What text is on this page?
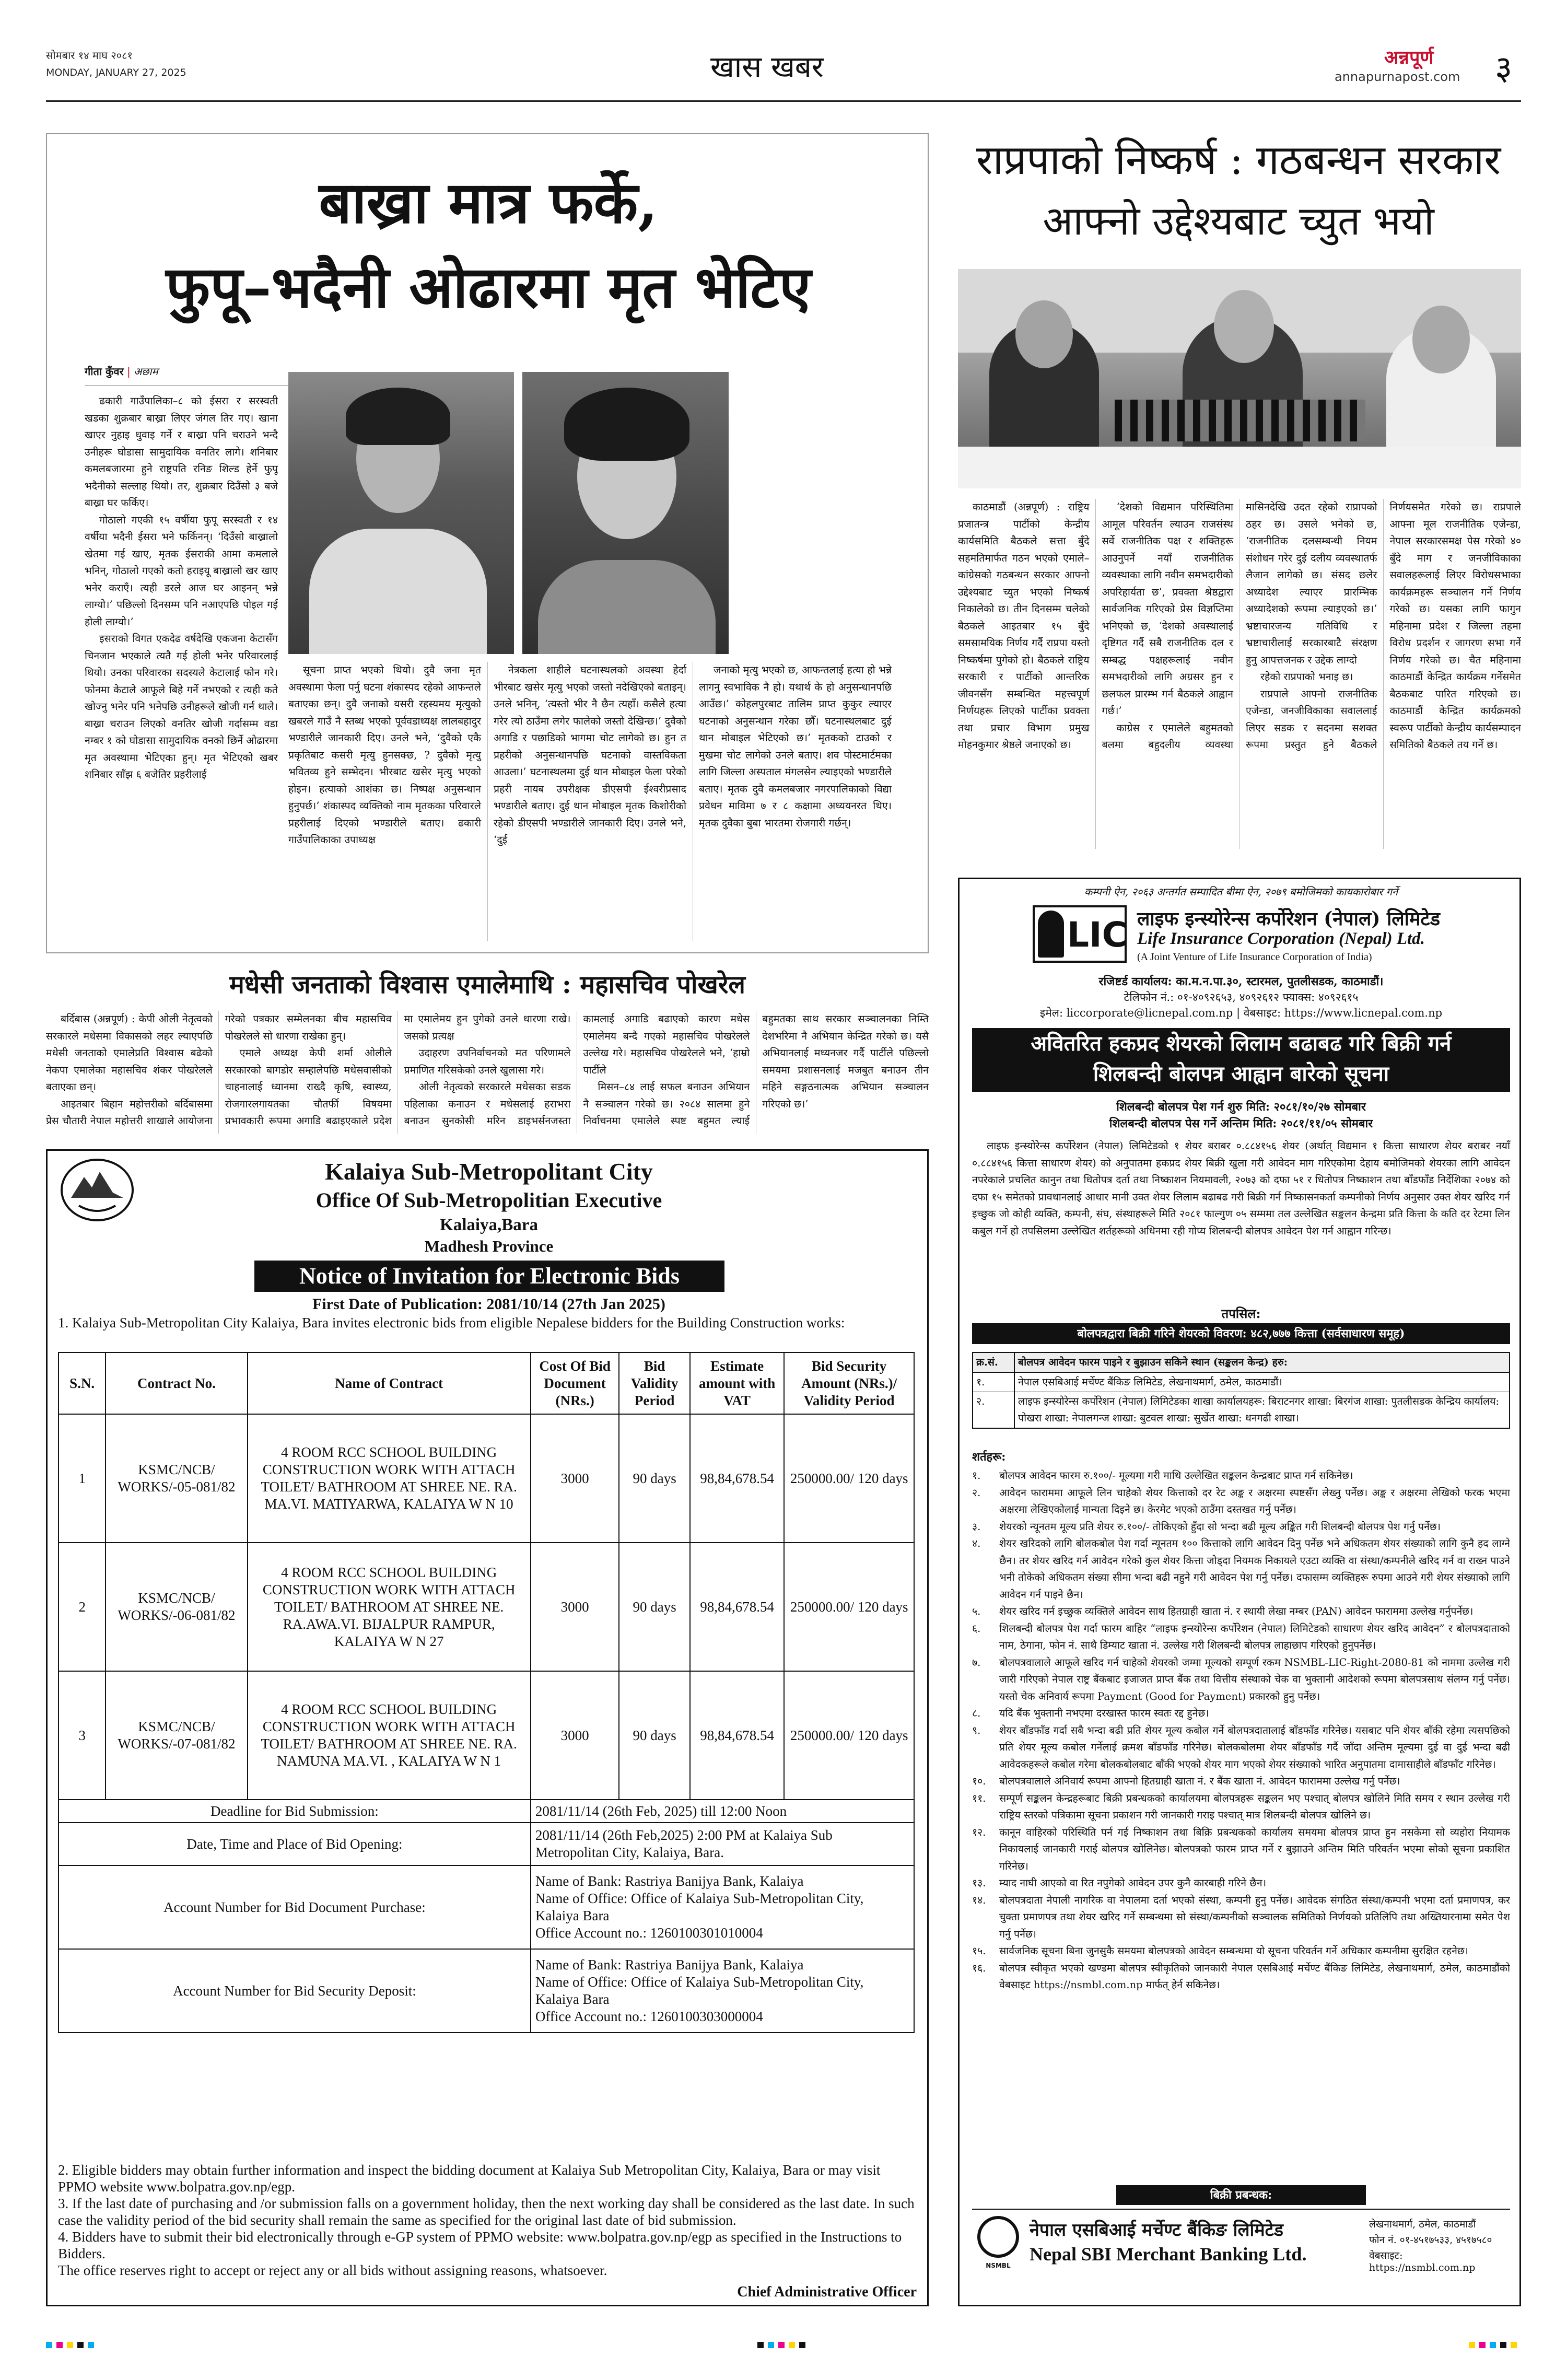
सोमबार १४ माघ २०८१
MONDAY, JANUARY 27, 2025	खास खबर	अन्नपूर्ण
annapurnapost.com ३
बाख्रा मात्र फर्के,
फुपू–भदैनी ओढारमा मृत भेटिए
गीता कुँवर | अछाम

ढकारी गाउँपालिका–८ को ईसरा र सरस्वती खडका शुक्रबार बाख्रा लिएर जंगल तिर गए। खाना खाएर नुहाइ धुवाइ गर्ने र बाख्रा पनि चराउने भन्दै उनीहरू घोडासा सामुदायिक वनतिर लागे। शनिबार कमलबजारमा हुने राष्ट्रपति रनिङ शिल्ड हेर्ने फुपू भदैनीको सल्लाह थियो। तर, शुक्रबार दिउँसो ३ बजे बाख्रा घर फर्किए।

गोठालो गएकी १५ वर्षीया फुपू सरस्वती र १४ वर्षीया भदैनी ईसरा भने फर्किनन्। ‘दिउँसो बाख्रालो खेतमा गई खाए, मृतक ईसराकी आमा कमलाले भनिन्, गोठालो गएको कतो हराइयू बाख्रालो खर खाए भनेर कराएँ। त्यही डरले आज घर आइनन् भन्ने लाग्यो।’ पछिल्लो दिनसम्म पनि नआएपछि पोइल गई होली लाग्यो।’

इसराको विगत एकदेढ वर्षदेखि एकजना केटासँग चिनजान भएकाले त्यतै गई होली भनेर परिवारलाई थियो। उनका परिवारका सदस्यले केटालाई फोन गरे। फोनमा केटाले आफूले बिहे गर्ने नभएको र त्यही कते खोज्नु भनेर पनि भनेपछि उनीहरूले खोजी गर्न थाले। बाख्रा चराउन लिएको वनतिर खोजी गर्दासम्म वडा नम्बर १ को घोडासा सामुदायिक वनको छिर्ने ओढारमा मृत अवस्थामा भेटिएका हुन्। मृत भेटिएको खबर शनिबार साँझ ६ बजेतिर प्रहरीलाई

सूचना प्राप्त भएको थियो। दुवै जना मृत अवस्थामा फेला पर्नु घटना शंकास्पद रहेको आफन्तले बताएका छन्। दुवै जनाको यसरी रहस्यमय मृत्युको खबरले गाउँ नै स्तब्ध भएको पूर्ववडाध्यक्ष लालबहादुर भण्डारीले जानकारी दिए। उनले भने, ‘दुवैको एकै प्रकृतिबाट कसरी मृत्यु हुनसक्छ, ? दुवैको मृत्यु भवितव्य हुने सम्भेदन। भीरबाट खसेर मृत्यु भएको होइन। हत्याको आशंका छ। निष्पक्ष अनुसन्धान हुनुपर्छ।’ शंकास्पद व्यक्तिको नाम मृतकका परिवारले प्रहरीलाई दिएको भण्डारीले बताए। ढकारी गाउँपालिकाका उपाध्यक्ष

नेत्रकला शाहीले घटनास्थलको अवस्था हेर्दा भीरबाट खसेर मृत्यु भएको जस्तो नदेखिएको बताइन्। उनले भनिन्, ‘त्यस्तो भीर नै छैन त्यहाँ। कसैले हत्या गरेर त्यो ठाउँमा लगेर फालेको जस्तो देखिन्छ।’ दुवैको अगाडि र पछाडिको भागमा चोट लागेको छ। हुन त प्रहरीको अनुसन्धानपछि घटनाको वास्तविकता आउला।’ घटनास्थलमा दुई थान मोबाइल फेला परेको प्रहरी नायब उपरीक्षक डीएसपी ईश्वरीप्रसाद भण्डारीले बताए। दुई थान मोबाइल मृतक किशोरीको रहेको डीएसपी भण्डारीले जानकारी दिए। उनले भने, ‘दुई

जनाको मृत्यु भएको छ, आफन्तलाई हत्या हो भन्ने लागनु स्वभाविक नै हो। यथार्थ के हो अनुसन्धानपछि आउँछ।’ कोहलपुरबाट तालिम प्राप्त कुकुर ल्याएर घटनाको अनुसन्धान गरेका छौँ। घटनास्थलबाट दुई थान मोबाइल भेटिएको छ।’ मृतकको टाउको र मुखमा चोट लागेको उनले बताए। शव पोस्टमार्टमका लागि जिल्ला अस्पताल मंगलसेन ल्याइएको भण्डारीले बताए। मृतक दुवै कमलबजार नगरपालिकाको विद्या प्रवेधन माविमा ७ र ८ कक्षामा अध्ययनरत थिए। मृतक दुवैका बुबा भारतमा रोजगारी गर्छन्।

राप्रपाको निष्कर्ष : गठबन्धन सरकार
आफ्नो उद्देश्यबाट च्युत भयो

काठमाडौं (अन्नपूर्ण) : राष्ट्रिय प्रजातन्त्र पार्टीको केन्द्रीय कार्यसमिति बैठकले सत्ता बुँदे सहमतिमार्फत गठन भएको एमाले–कांग्रेसको गठबन्धन सरकार आफ्नो उद्देश्यबाट च्युत भएको निष्कर्ष निकालेको छ। तीन दिनसम्म चलेको बैठकले आइतबार १५ बुँदे समसामयिक निर्णय गर्दै राप्रपा यस्तो निष्कर्षमा पुगेको हो। बैठकले राष्ट्रिय सरकारी र पार्टीको आन्तरिक जीवनसँग सम्बन्धित महत्त्वपूर्ण निर्णयहरू लिएको पार्टीका प्रवक्ता तथा प्रचार विभाग प्रमुख मोहनकुमार श्रेष्ठले जनाएको छ।

‘देशको विद्यमान परिस्थितिमा आमूल परिवर्तन ल्याउन राजसंस्थ सर्वे राजनीतिक पक्ष र शक्तिहरू आउनुपर्ने नयाँ राजनीतिक व्यवस्थाका लागि नवीन समभदारीको अपरिहार्यता छ’, प्रवक्ता श्रेष्ठद्वारा सार्वजनिक गरिएको प्रेस विज्ञप्तिमा भनिएको छ, ‘देशको अवस्थालाई दृष्टिगत गर्दै सबै राजनीतिक दल र सम्बद्ध पक्षहरूलाई नवीन समभदारीको लागि अग्रसर हुन र छलफल प्रारम्भ गर्न बैठकले आह्वान गर्छ।’

काग्रेस र एमालेले बहुमतको बलमा बहुदलीय व्यवस्था मासिनदेखि उदत रहेको राप्रापको ठहर छ। उसले भनेको छ, ‘राजनीतिक दलसम्बन्धी नियम संशोधन गरेर दुई दलीय व्यवस्थातर्फ लैजान लागेको छ। संसद छलेर अध्यादेश ल्याएर प्रारम्भिक अध्यादेशको रूपमा ल्याइएको छ।’ भ्रष्टाचारजन्य गतिविधि र भ्रष्टाचारीलाई सरकारबाटै संरक्षण हुनु आपत्तजनक र उद्देक लाग्दो

रहेको राप्रपाको भनाइ छ।

राप्रपाले आफ्नो राजनीतिक एजेन्डा, जनजीविकाका सवाललाई लिएर सडक र सदनमा सशक्त रूपमा प्रस्तुत हुने बैठकले निर्णयसमेत गरेको छ। राप्रपाले आफ्ना मूल राजनीतिक एजेन्डा, नेपाल सरकारसमक्ष पेस गरेको ४० बुँदे माग र जनजीविकाका सवालहरूलाई लिएर विरोधसभाका कार्यक्रमहरू सञ्चालन गर्ने निर्णय गरेको छ। यसका लागि फागुन महिनामा प्रदेश र जिल्ला तहमा विरोध प्रदर्शन र जागरण सभा गर्ने निर्णय गरेको छ। चैत महिनामा काठमाडौं केन्द्रित कार्यक्रम गर्नेसमेत बैठकबाट पारित गरिएको छ। काठमाडौं केन्द्रित कार्यक्रमको स्वरूप पार्टीको केन्द्रीय कार्यसम्पादन समितिको बैठकले तय गर्ने छ।

मधेसी जनताको विश्वास एमालेमाथि : महासचिव पोखरेल

बर्दिबास (अन्नपूर्ण) : केपी ओली नेतृत्वको सरकारले मधेसमा विकासको लहर ल्याएपछि मधेसी जनताको एमालेप्रति विश्वास बढेको नेकपा एमालेका महासचिव शंकर पोखरेलले बताएका छन्।

आइतबार बिहान महोत्तरीको बर्दिबासमा प्रेस चौतारी नेपाल महोत्तरी शाखाले आयोजना गरेको पत्रकार सम्मेलनका बीच महासचिव पोखरेलले सो धारणा राखेका हुन्।

एमाले अध्यक्ष केपी शर्मा ओलीले सरकारको बागडोर सम्हालेपछि मधेसवासीको चाहनालाई ध्यानमा राख्दै कृषि, स्वास्थ्य, रोजगारलगायतका चौतर्फी विषयमा प्रभावकारी रूपमा अगाडि बढाइएकाले प्रदेश मा एमालेमय हुन पुगेको उनले धारणा राखे। जसको प्रत्यक्ष

उदाहरण उपनिर्वाचनको मत परिणामले प्रमाणित गरिसकेको उनले खुलासा गरे।

ओली नेतृत्वको सरकारले मधेसका सडक पहिलाका कनाउन र मधेसलाई हराभरा बनाउन सुनकोसी मरिन डाइभर्सनजस्ता कामलाई अगाडि बढाएको कारण मधेस एमालेमय बन्दै गएको महासचिव पोखरेलले उल्लेख गरे। महासचिव पोखरेलले भने, ‘हाम्रो पार्टीले

मिसन–८४ लाई सफल बनाउन अभियान नै सञ्चालन गरेको छ। २०८४ सालमा हुने निर्वाचनमा एमालेले स्पष्ट बहुमत ल्याई बहुमतका साथ सरकार सञ्चालनका निम्ति देशभरिमा नै अभियान केन्द्रित गरेको छ। यसै अभियानलाई मध्यनजर गर्दै पार्टीले पछिल्लो समयमा प्रशासनलाई मजबुत बनाउन तीन महिने सङ्गठनात्मक अभियान सञ्चालन गरिएको छ।’

Kalaiya Sub-Metropolitant City
Office Of Sub-Metropolitian Executive
Kalaiya,Bara
Madhesh Province
Notice of Invitation for Electronic Bids
First Date of Publication: 2081/10/14 (27th Jan 2025)
1. Kalaiya Sub-Metropolitan City Kalaiya, Bara invites electronic bids from eligible Nepalese bidders for the Building Construction works:
S.N.	Contract No.	Name of Contract	Cost Of Bid Document (NRs.)	Bid Validity Period	Estimate amount with VAT	Bid Security Amount (NRs.)/ Validity Period
1	KSMC/NCB/ WORKS/-05-081/82	4 ROOM RCC SCHOOL BUILDING CONSTRUCTION WORK WITH ATTACH TOILET/ BATHROOM AT SHREE NE. RA. MA.VI. MATIYARWA, KALAIYA W N 10	3000	90 days	98,84,678.54	250000.00/ 120 days
2	KSMC/NCB/ WORKS/-06-081/82	4 ROOM RCC SCHOOL BUILDING CONSTRUCTION WORK WITH ATTACH TOILET/ BATHROOM AT SHREE NE. RA.AWA.VI. BIJALPUR RAMPUR, KALAIYA W N 27	3000	90 days	98,84,678.54	250000.00/ 120 days
3	KSMC/NCB/ WORKS/-07-081/82	4 ROOM RCC SCHOOL BUILDING CONSTRUCTION WORK WITH ATTACH TOILET/ BATHROOM AT SHREE NE. RA. NAMUNA MA.VI. , KALAIYA W N 1	3000	90 days	98,84,678.54	250000.00/ 120 days
Deadline for Bid Submission:			2081/11/14 (26th Feb, 2025) till 12:00 Noon			
Date, Time and Place of Bid Opening:			2081/11/14 (26th Feb,2025) 2:00 PM at Kalaiya Sub Metropolitan City, Kalaiya, Bara.			
Account Number for Bid Document Purchase:			Name of Bank: Rastriya Banijya Bank, Kalaiya
Name of Office: Office of Kalaiya Sub-Metropolitan City, Kalaiya Bara
Office Account no.: 1260100301010004			
Account Number for Bid Security Deposit:			Name of Bank: Rastriya Banijya Bank, Kalaiya
Name of Office: Office of Kalaiya Sub-Metropolitan City, Kalaiya Bara
Office Account no.: 1260100303000004			
2. Eligible bidders may obtain further information and inspect the bidding document at Kalaiya Sub Metropolitan City, Kalaiya, Bara or may visit PPMO website www.bolpatra.gov.np/egp.
3. If the last date of purchasing and /or submission falls on a government holiday, then the next working day shall be considered as the last date. In such case the validity period of the bid security shall remain the same as specified for the original last date of bid submission.
4. Bidders have to submit their bid electronically through e-GP system of PPMO website: www.bolpatra.gov.np/egp as specified in the Instructions to Bidders.
The office reserves right to accept or reject any or all bids without assigning reasons, whatsoever.
Chief Administrative Officer
कम्पनी ऐन, २०६३ अन्तर्गत सम्पादित बीमा ऐन, २०७९ बमोजिमको कायकारोबार गर्ने
LIC लाइफ इन्स्योरेन्स कर्पोरेशन (नेपाल) लिमिटेड
Life Insurance Corporation (Nepal) Ltd.
(A Joint Venture of Life Insurance Corporation of India)
रजिष्टर्ड कार्यालय: का.म.न.पा.३०, स्टारमल, पुतलीसडक, काठमाडौं।
टेलिफोन नं.: ०१-४०९२६५३, ४०९२६१२ फ्याक्स: ४०९२६१५
इमेल: liccorporate@licnepal.com.np | वेबसाइट: https://www.licnepal.com.np
अवितरित हकप्रद शेयरको लिलाम बढाबढ गरि बिक्री गर्न
शिलबन्दी बोलपत्र आह्वान बारेको सूचना
शिलबन्दी बोलपत्र पेश गर्न शुरु मिति: २०८१/१०/२७ सोमबार
शिलबन्दी बोलपत्र पेस गर्ने अन्तिम मिति: २०८१/११/०५ सोमबार
लाइफ इन्स्योरेन्स कर्पोरेशन (नेपाल) लिमिटेडको १ शेयर बराबर ०.८८४१५६ शेयर (अर्थात् विद्यमान १ कित्ता साधारण शेयर बराबर नयाँ ०.८८४१५६ कित्ता साधारण शेयर) को अनुपातमा हकप्रद शेयर बिक्री खुला गरी आवेदन माग गरिएकोमा देहाय बमोजिमको शेयरका लागि आवेदन नपरेकाले प्रचलित कानुन तथा धितोपत्र दर्ता तथा निष्काशन नियमावली, २०७३ को दफा ५१ र धितोपत्र निष्काशन तथा बाँडफाँड निर्देशिका २०७४ को दफा १५ समेतको प्रावधानलाई आधार मानी उक्त शेयर लिलाम बढाबढ गरी बिक्री गर्न निष्कासनकर्ता कम्पनीको निर्णय अनुसार उक्त शेयर खरिद गर्न इच्छुक जो कोही व्यक्ति, कम्पनी, संघ, संस्थाहरूले मिति २०८१ फाल्गुण ०५ सम्ममा तल उल्लेखित सङ्कलन केन्द्रमा प्रति कित्ता के कति दर रेटमा लिन कबुल गर्ने हो तपसिलमा उल्लेखित शर्तहरूको अधिनमा रही गोप्य शिलबन्दी बोलपत्र आवेदन पेश गर्न आह्वान गरिन्छ।
तपसिल:
बोलपत्रद्वारा बिक्री गरिने शेयरको विवरण: ४८२,७७७ कित्ता (सर्वसाधारण समूह)
क्र.सं.	बोलपत्र आवेदन फारम पाइने र बुझाउन सकिने स्थान (सङ्कलन केन्द्र) हरु:
१.	नेपाल एसबिआई मर्चेण्ट बैंकिङ लिमिटेड, लेखनाथमार्ग, ठमेल, काठमाडौं।
२.	लाइफ इन्स्योरेन्स कर्पोरेशन (नेपाल) लिमिटेडका शाखा कार्यालयहरू: बिराटनगर शाखा: बिरगंज शाखा: पुतलीसडक केन्द्रिय कार्यालय: पोखरा शाखा: नेपालगन्ज शाखा: बुटवल शाखा: सुर्खेत शाखा: धनगढी शाखा।
शर्तहरू:
१.	बोलपत्र आवेदन फारम रु.१००/- मूल्यमा गरी माथि उल्लेखित सङ्कलन केन्द्रबाट प्राप्त गर्न सकिनेछ।
२.	आवेदन फाराममा आफूले लिन चाहेको शेयर कित्ताको दर रेट अङ्क र अक्षरमा स्पष्टसँग लेख्नु पर्नेछ। अङ्क र अक्षरमा लेखिको फरक भएमा अक्षरमा लेखिएकोलाई मान्यता दिइने छ। केरमेट भएको ठाउँमा दस्तखत गर्नु पर्नेछ।
३.	शेयरको न्यूनतम मूल्य प्रति शेयर रु.१००/- तोकिएको हुँदा सो भन्दा बढी मूल्य अङ्कित गरी शिलबन्दी बोलपत्र पेश गर्नु पर्नेछ।
४.	शेयर खरिदको लागि बोलकबोल पेश गर्दा न्यूनतम १०० कित्ताको लागि आवेदन दिनु पर्नेछ भने अधिकतम शेयर संख्याको लागि कुनै हद लाग्ने छैन। तर शेयर खरिद गर्न आवेदन गरेको कुल शेयर कित्ता जोड्दा नियमक निकायले एउटा व्यक्ति वा संस्था/कम्पनीले खरिद गर्न वा राख्न पाउने भनी तोकेको अधिकतम संख्या सीमा भन्दा बढी नहुने गरी आवेदन पेश गर्नु पर्नेछ। दफासम्म व्यक्तिहरू रुपमा आउने गरी शेयर संख्याको लागि आवेदन गर्न पाइने छैन।
५.	शेयर खरिद गर्न इच्छुक व्यक्तिले आवेदन साथ हितग्राही खाता नं. र स्थायी लेखा नम्बर (PAN) आवेदन फाराममा उल्लेख गर्नुपर्नेछ।
६.	शिलबन्दी बोलपत्र पेश गर्दा फारम बाहिर “लाइफ इन्स्योरेन्स कर्पोरेशन (नेपाल) लिमिटेडको साधारण शेयर खरिद आवेदन” र बोलपत्रदाताको नाम, ठेगाना, फोन नं. साथै डिम्याट खाता नं. उल्लेख गरी शिलबन्दी बोलपत्र लाहाछाप गरिएको हुनुपर्नेछ।
७.	बोलपत्रवालाले आफूले खरिद गर्न चाहेको शेयरको जम्मा मूल्यको सम्पूर्ण रकम NSMBL-LIC-Right-2080-81 को नाममा उल्लेख गरी जारी गरिएको नेपाल राष्ट्र बैंकबाट इजाजत प्राप्त बैंक तथा वित्तीय संस्थाको चेक वा भुक्तानी आदेशको रूपमा बोलपत्रसाथ संलग्न गर्नु पर्नेछ। यस्तो चेक अनिवार्य रूपमा Payment (Good for Payment) प्रकारको हुनु पर्नेछ।
८.	यदि बैंक भुक्तानी नभएमा दरखास्त फारम स्वतः रद्द हुनेछ।
९.	शेयर बाँडफाँड गर्दा सबै भन्दा बढी प्रति शेयर मूल्य कबोल गर्ने बोलपत्रदातालाई बाँडफाँड गरिनेछ। यसबाट पनि शेयर बाँकी रहेमा त्यसपछिको प्रति शेयर मूल्य कबोल गर्नेलाई क्रमश बाँडफाँड गरिनेछ। बोलकबोलमा शेयर बाँडफाँड गर्दै जाँदा अन्तिम मूल्यमा दुई वा दुई भन्दा बढी आवेदकहरूले कबोल गरेमा बोलकबोलबाट बाँकी भएको शेयर माग भएको शेयर संख्याको भारित अनुपातमा दामासाहीले बाँडफाँट गरिनेछ।
१०.	बोलपत्रवालाले अनिवार्य रूपमा आफ्नो हितग्राही खाता नं. र बैंक खाता नं. आवेदन फाराममा उल्लेख गर्नु पर्नेछ।
११.	सम्पूर्ण सङ्कलन केन्द्रहरूबाट बिक्री प्रबन्धकको कार्यालयमा बोलपत्रहरू सङ्कलन भए पश्चात् बोलपत्र खोलिने मिति समय र स्थान उल्लेख गरी राष्ट्रिय स्तरको पत्रिकामा सूचना प्रकाशन गरी जानकारी गराइ पश्चात् मात्र शिलबन्दी बोलपत्र खोलिने छ।
१२.	कानून वाहिरको परिस्थिति पर्न गई निष्काशन तथा बिक्रि प्रबन्धकको कार्यालय समयमा बोलपत्र प्राप्त हुन नसकेमा सो व्यहोरा नियामक निकायलाई जानकारी गराई बोलपत्र खोलिनेछ। बोलपत्रको फारम प्राप्त गर्ने र बुझाउने अन्तिम मिति परिवर्तन भएमा सोको सूचना प्रकाशित गरिनेछ।
१३.	म्याद नाघी आएको वा रित नपुगेको आवेदन उपर कुनै कारबाही गरिने छैन।
१४.	बोलपत्रदाता नेपाली नागरिक वा नेपालमा दर्ता भएको संस्था, कम्पनी हुनु पर्नेछ। आवेदक संगठित संस्था/कम्पनी भएमा दर्ता प्रमाणपत्र, कर चुक्ता प्रमाणपत्र तथा शेयर खरिद गर्ने सम्बन्धमा सो संस्था/कम्पनीको सञ्चालक समितिको निर्णयको प्रतिलिपि तथा अख्तियारनामा समेत पेश गर्नु पर्नेछ।
१५.	सार्वजनिक सूचना बिना जुनसुकै समयमा बोलपत्रको आवेदन सम्बन्धमा यो सूचना परिवर्तन गर्ने अधिकार कम्पनीमा सुरक्षित रहनेछ।
१६.	बोलपत्र स्वीकृत भएको खण्डमा बोलपत्र स्वीकृतिको जानकारी नेपाल एसबिआई मर्चेण्ट बैंकिङ लिमिटेड, लेखनाथमार्ग, ठमेल, काठमाडौंको वेबसाइट https://nsmbl.com.np मार्फत् हेर्न सकिनेछ।
बिक्री प्रबन्धक:
NSMBL
नेपाल एसबिआई मर्चेण्ट बैंकिङ लिमिटेड
Nepal SBI Merchant Banking Ltd.
लेखनाथमार्ग, ठमेल, काठमाडौं
फोन नं. ०१-४५१७५३३, ४५१७५८०
वेबसाइट: https://nsmbl.com.np
